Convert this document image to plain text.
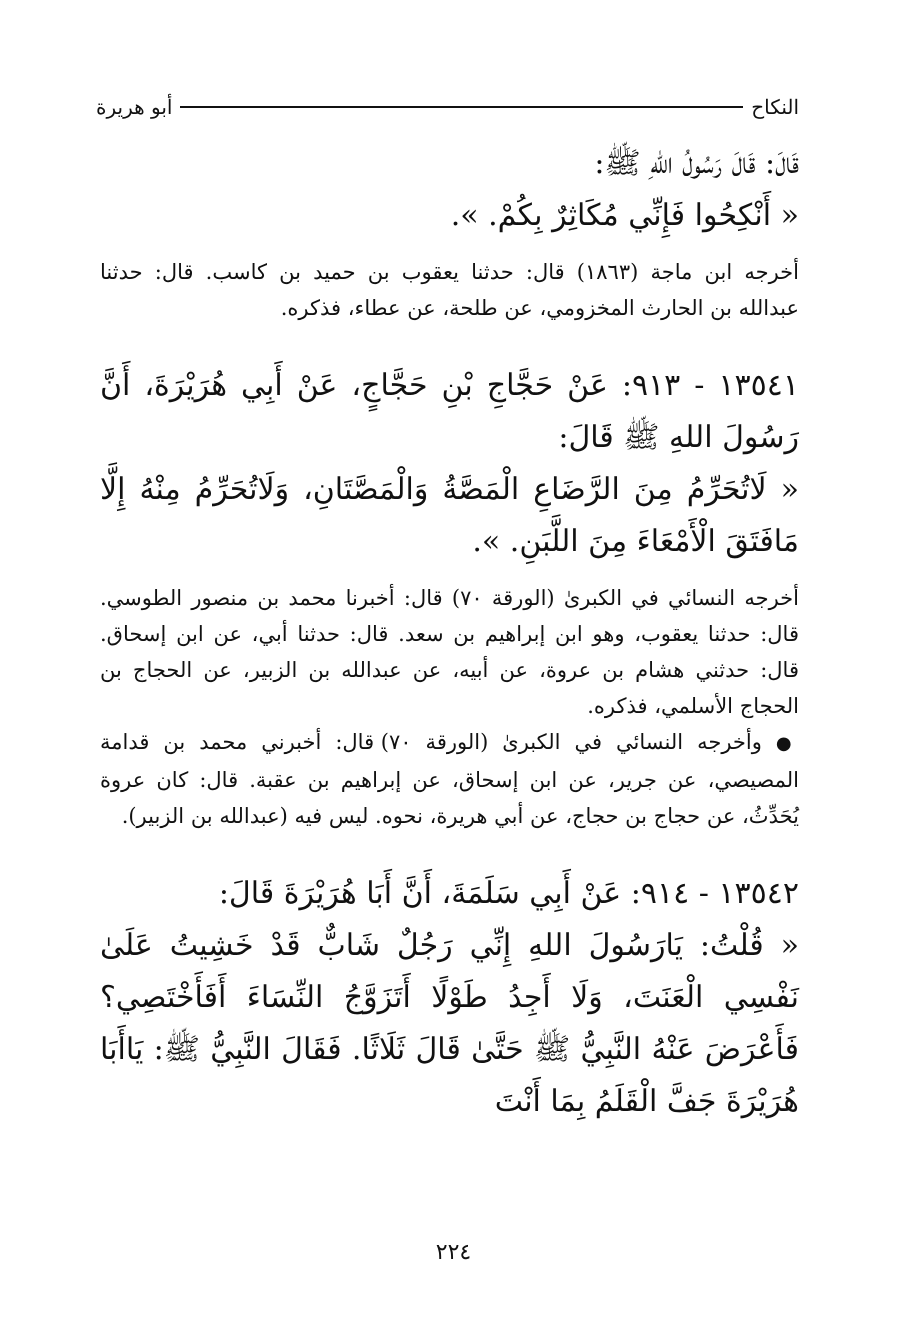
النكاح
أبو هريرة

قَالَ: قَالَ رَسُولُ اللهِ ﷺ:
« أَنْكِحُوا فَإِنِّي مُكَاثِرٌ بِكُمْ. ».

أخرجه ابن ماجة (١٨٦٣) قال: حدثنا يعقوب بن حميد بن كاسب. قال: حدثنا عبدالله بن الحارث المخزومي، عن طلحة، عن عطاء، فذكره.

١٣٥٤١ - ٩١٣: عَنْ حَجَّاجِ بْنِ حَجَّاجٍ، عَنْ أَبِي هُرَيْرَةَ، أَنَّ رَسُولَ اللهِ ﷺ قَالَ:
« لَاتُحَرِّمُ مِنَ الرَّضَاعِ الْمَصَّةُ وَالْمَصَّتَانِ، وَلَاتُحَرِّمُ مِنْهُ إِلَّا مَافَتَقَ الْأَمْعَاءَ مِنَ اللَّبَنِ. ».

أخرجه النسائي في الكبرىٰ (الورقة ٧٠) قال: أخبرنا محمد بن منصور الطوسي. قال: حدثنا يعقوب، وهو ابن إبراهيم بن سعد. قال: حدثنا أبي، عن ابن إسحاق. قال: حدثني هشام بن عروة، عن أبيه، عن عبدالله بن الزبير، عن الحجاج بن الحجاج الأسلمي، فذكره.

● وأخرجه النسائي في الكبرىٰ (الورقة ٧٠) قال: أخبرني محمد بن قدامة المصيصي، عن جرير، عن ابن إسحاق، عن إبراهيم بن عقبة. قال: كان عروة يُحَدِّثُ، عن حجاج بن حجاج، عن أبي هريرة، نحوه. ليس فيه (عبدالله بن الزبير).

١٣٥٤٢ - ٩١٤: عَنْ أَبِي سَلَمَةَ، أَنَّ أَبَا هُرَيْرَةَ قَالَ:
« قُلْتُ: يَارَسُولَ اللهِ إِنِّي رَجُلٌ شَابٌّ قَدْ خَشِيتُ عَلَىٰ نَفْسِي الْعَنَتَ، وَلَا أَجِدُ طَوْلًا أَتَزَوَّجُ النِّسَاءَ أَفَأَخْتَصِي؟ فَأَعْرَضَ عَنْهُ النَّبِيُّ ﷺ حَتَّىٰ قَالَ ثَلَاثًا. فَقَالَ النَّبِيُّ ﷺ: يَاأَبَا هُرَيْرَةَ جَفَّ الْقَلَمُ بِمَا أَنْتَ

٢٢٤
